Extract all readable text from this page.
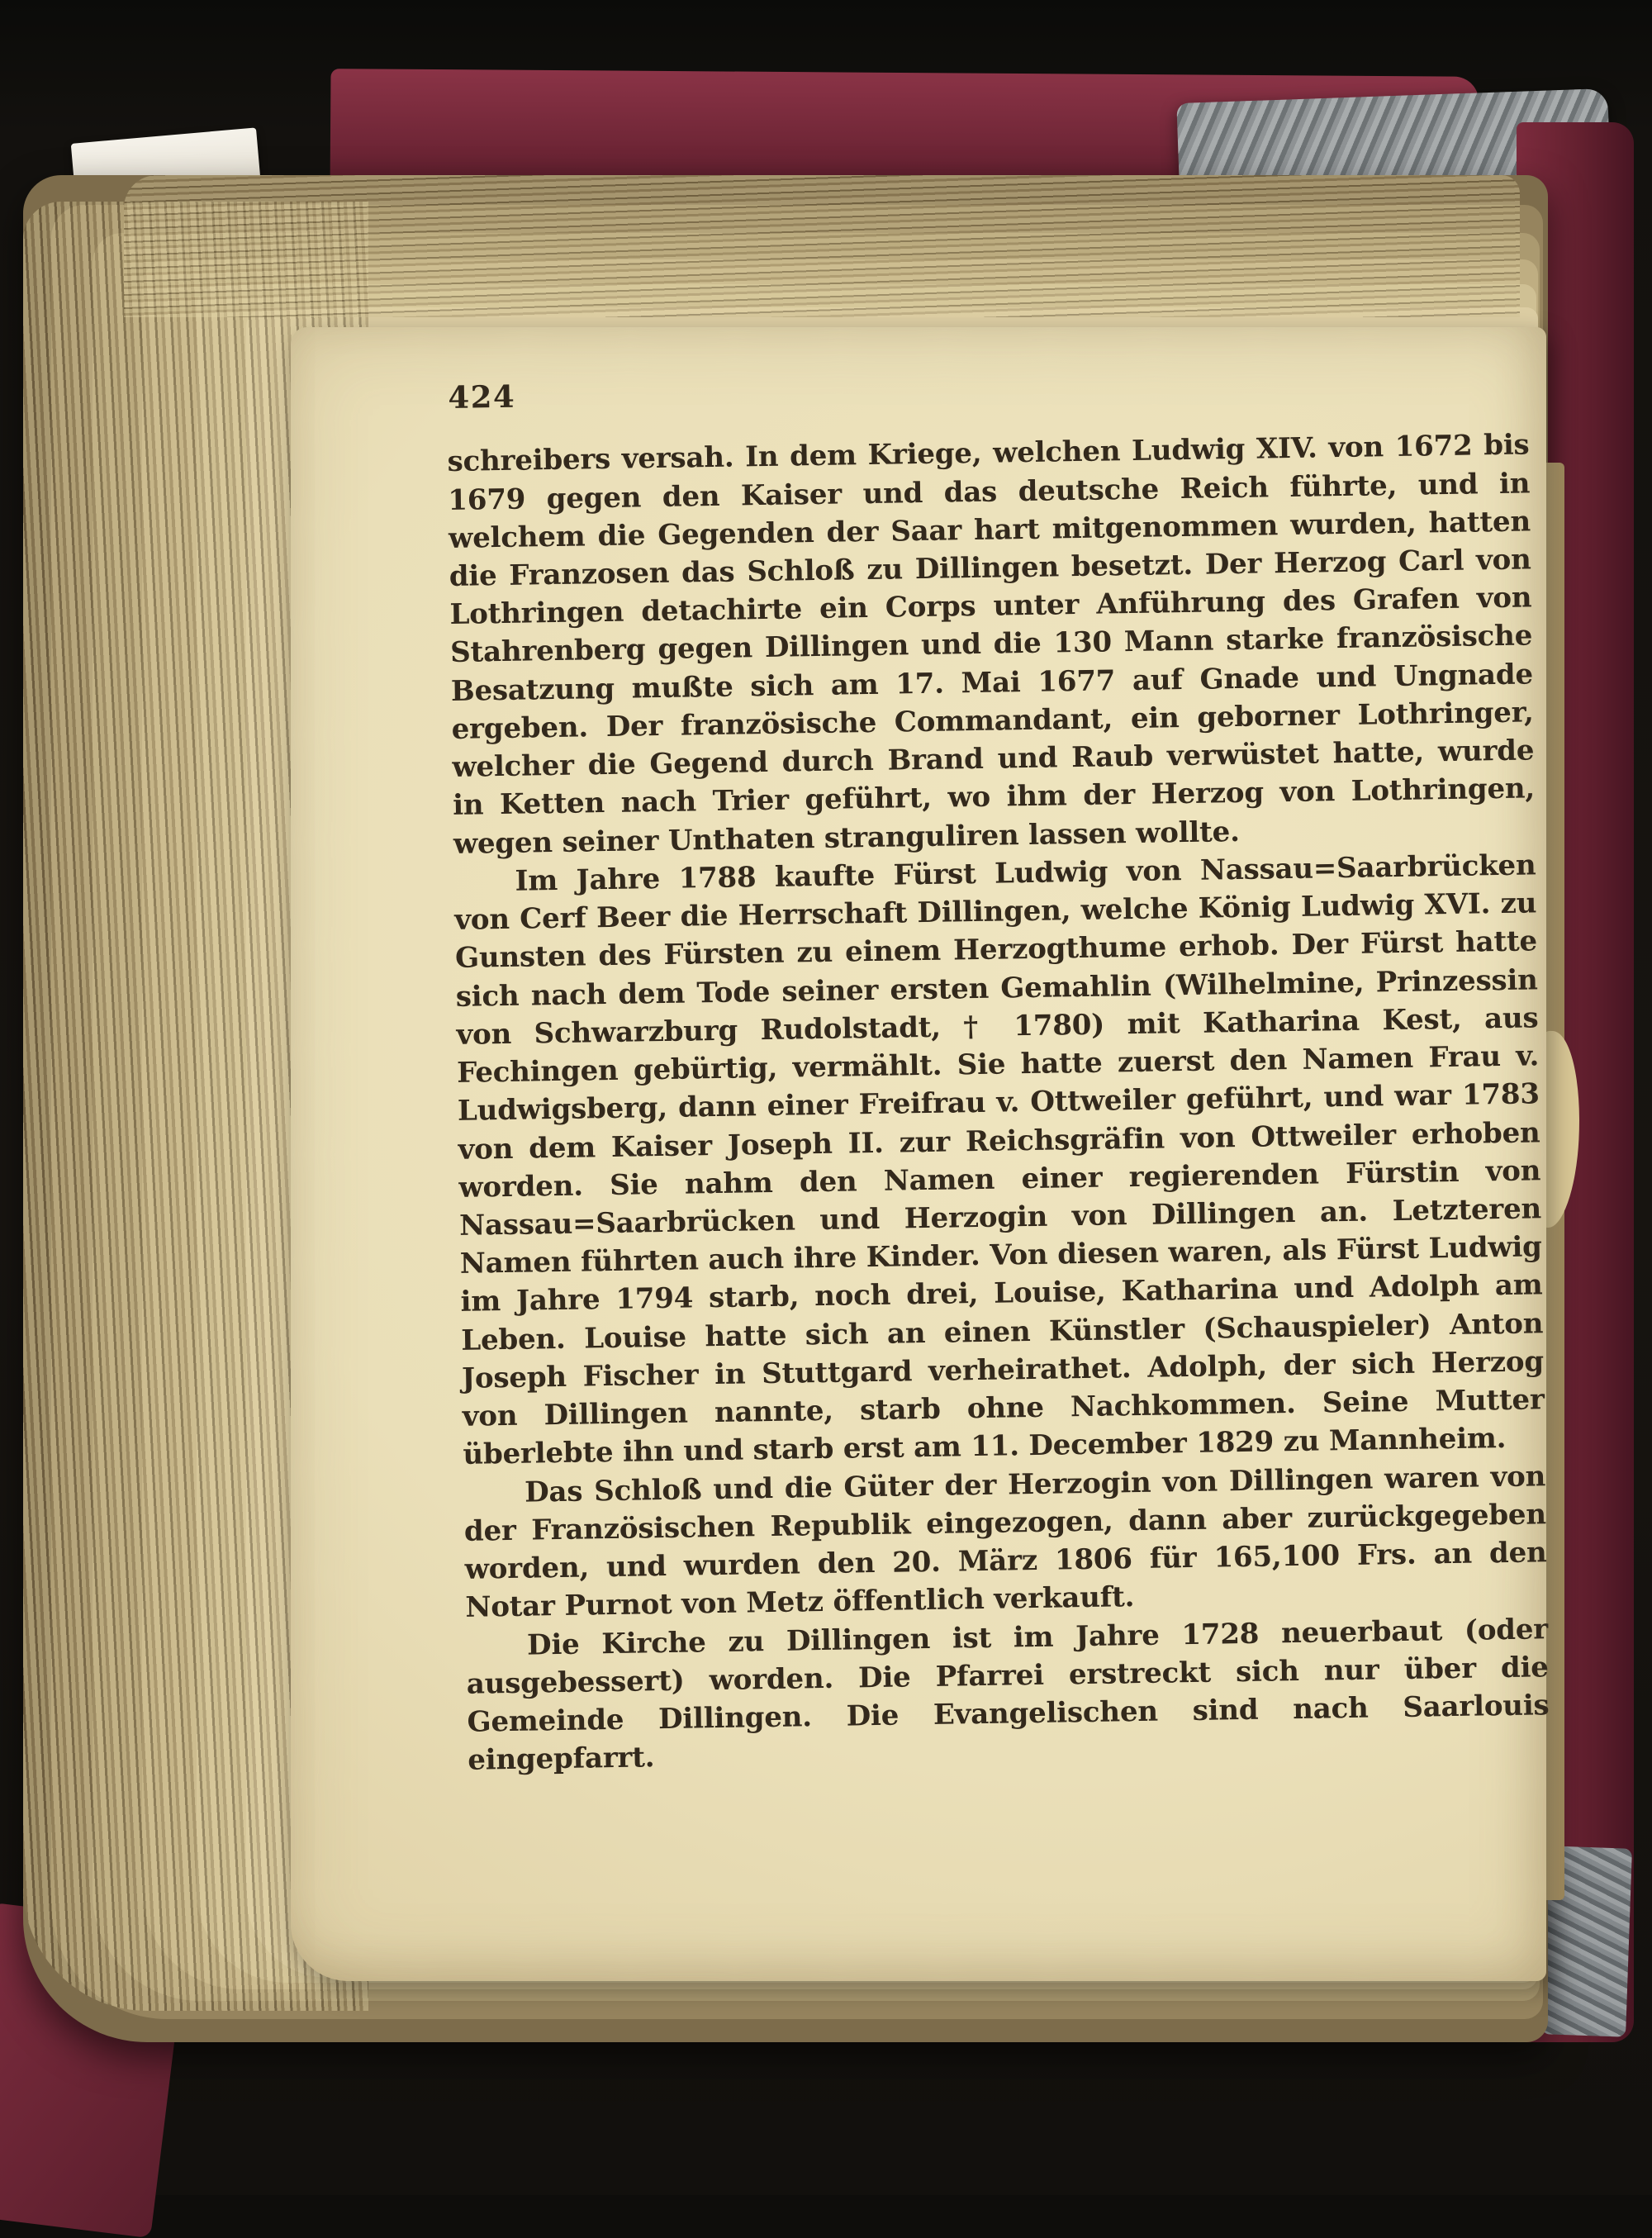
424

schreibers versah. In dem Kriege, welchen Ludwig XIV. von 1672 bis 1679 gegen den Kaiser und das deutsche Reich führte, und in welchem die Gegenden der Saar hart mitgenommen wurden, hatten die Franzosen das Schloß zu Dillingen besetzt. Der Herzog Carl von Lothringen detachirte ein Corps unter Anführung des Grafen von Stahrenberg gegen Dillingen und die 130 Mann starke französische Besatzung mußte sich am 17. Mai 1677 auf Gnade und Ungnade ergeben. Der französische Commandant, ein geborner Lothringer, welcher die Gegend durch Brand und Raub verwüstet hatte, wurde in Ketten nach Trier geführt, wo ihm der Herzog von Lothringen, wegen seiner Unthaten stranguliren lassen wollte.

Im Jahre 1788 kaufte Fürst Ludwig von Nassau=Saarbrücken von Cerf Beer die Herrschaft Dillingen, welche König Ludwig XVI. zu Gunsten des Fürsten zu einem Herzogthume erhob. Der Fürst hatte sich nach dem Tode seiner ersten Gemahlin (Wilhelmine, Prinzessin von Schwarzburg Rudolstadt, † 1780) mit Katharina Kest, aus Fechingen gebürtig, vermählt. Sie hatte zuerst den Namen Frau v. Ludwigsberg, dann einer Freifrau v. Ottweiler geführt, und war 1783 von dem Kaiser Joseph II. zur Reichsgräfin von Ottweiler erhoben worden. Sie nahm den Namen einer regierenden Fürstin von Nassau=Saarbrücken und Herzogin von Dillingen an. Letzteren Namen führten auch ihre Kinder. Von diesen waren, als Fürst Ludwig im Jahre 1794 starb, noch drei, Louise, Katharina und Adolph am Leben. Louise hatte sich an einen Künstler (Schauspieler) Anton Joseph Fischer in Stuttgard verheirathet. Adolph, der sich Herzog von Dillingen nannte, starb ohne Nachkommen. Seine Mutter überlebte ihn und starb erst am 11. December 1829 zu Mannheim.

Das Schloß und die Güter der Herzogin von Dillingen waren von der Französischen Republik eingezogen, dann aber zurückgegeben worden, und wurden den 20. März 1806 für 165,100 Frs. an den Notar Purnot von Metz öffentlich verkauft.

Die Kirche zu Dillingen ist im Jahre 1728 neuerbaut (oder ausgebessert) worden. Die Pfarrei erstreckt sich nur über die Gemeinde Dillingen. Die Evangelischen sind nach Saarlouis eingepfarrt.
